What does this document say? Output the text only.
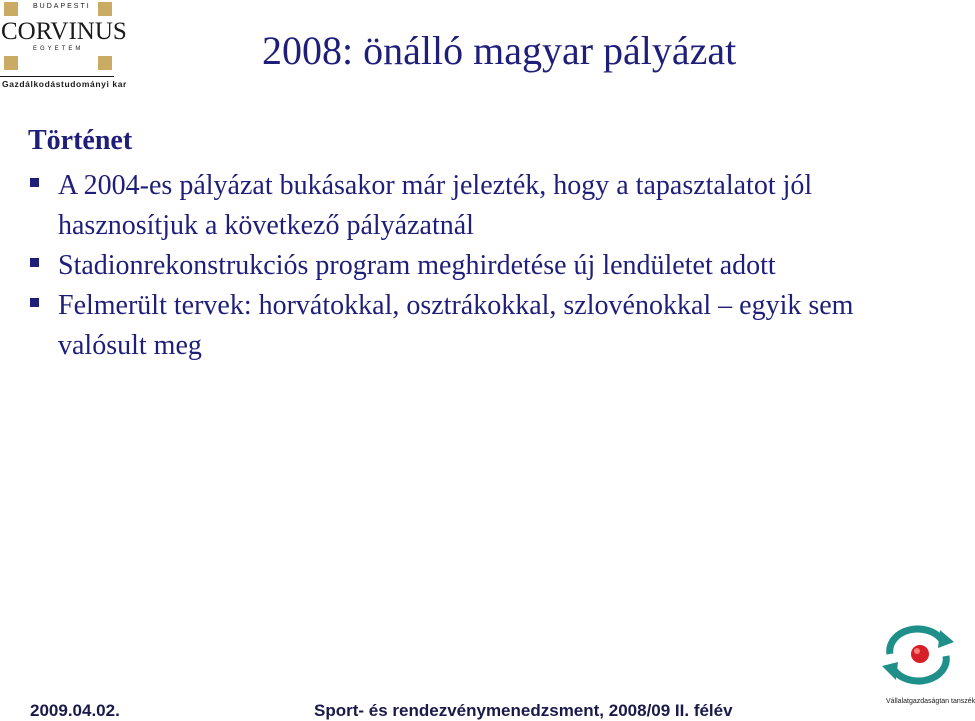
BUDAPESTI
CORVINUS
EGYETEM
Gazdálkodástudományi kar
2008: önálló magyar pályázat
Történet
A 2004-es pályázat bukásakor már jelezték, hogy a tapasztalatot jól hasznosítjuk a következő pályázatnál
Stadionrekonstrukciós program meghirdetése új lendületet adott
Felmerült tervek: horvátokkal, osztrákokkal, szlovénokkal – egyik sem valósult meg
Vállalatgazdaságtan tanszék
2009.04.02.	Sport- és rendezvénymenedzsment, 2008/09 II. félév
